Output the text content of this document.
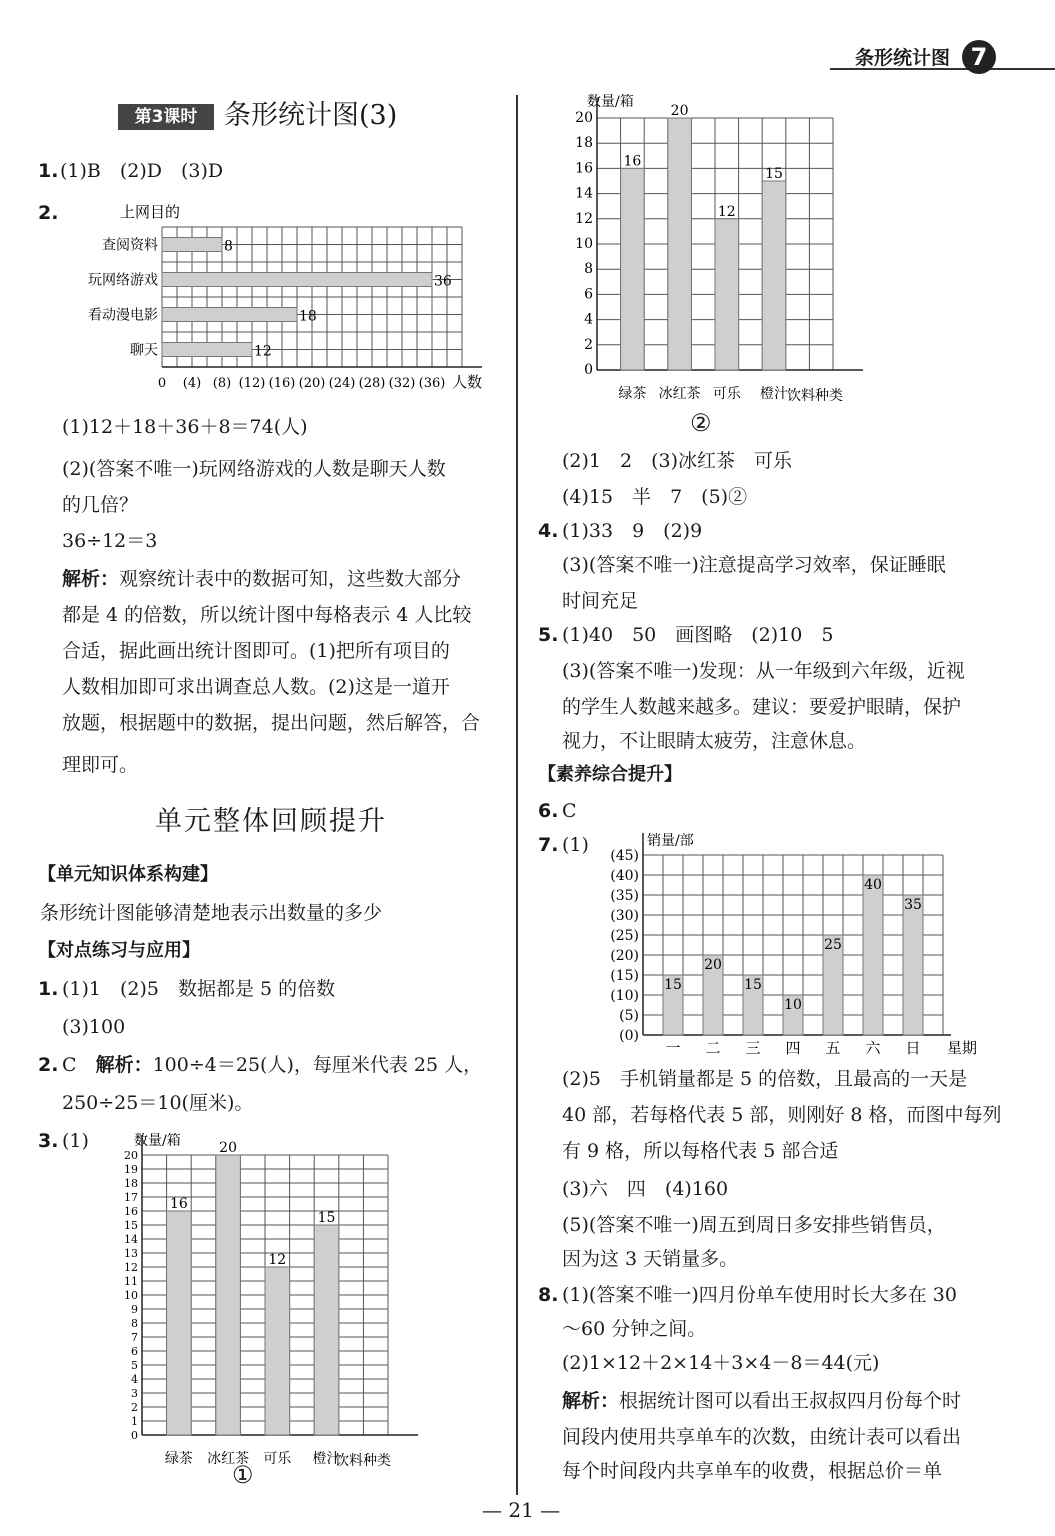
条形统计图 7
第3课时 条形统计图(3)
1. (1)B　(2)D　(3)D
2.	上网目的
8
36
18
12
查阅资料
玩网络游戏
看动漫电影
聊天
0 (4) (8) (12) (16) (20) (24) (28) (32) (36) 人数
(1)12＋18＋36＋8＝74(人)
(2)(答案不唯一)玩网络游戏的人数是聊天人数
的几倍？
36÷12＝3
解析：观察统计表中的数据可知，这些数大部分
都是 4 的倍数，所以统计图中每格表示 4 人比较
合适，据此画出统计图即可。(1)把所有项目的
人数相加即可求出调查总人数。(2)这是一道开
放题，根据题中的数据，提出问题，然后解答，合
理即可。
单元整体回顾提升
【单元知识体系构建】
条形统计图能够清楚地表示出数量的多少
【对点练习与应用】
1. (1)1　(2)5　数据都是 5 的倍数
(3)100
2. C　 解析：100÷4＝25(人)，每厘米代表 25 人，
250÷25＝10(厘米)。
3. (1)	数量/箱
16
20
12
15
0
1
2
3
4
5
6
7
8
9
10
11
12
13
14
15
16
17
18
19
20
绿茶 冰红茶 可乐 橙汁
饮料种类
①
数量/箱
16
20
12
15
0
2
4
6
8
10
12
14
16
18
20
绿茶 冰红茶 可乐 橙汁 饮料种类
②
(2)1　2　(3)冰红茶　可乐
(4)15　半　7　(5)②
4. (1)33　9　(2)9
(3)(答案不唯一)注意提高学习效率，保证睡眠
时间充足
5. (1)40　50　画图略　(2)10　5
(3)(答案不唯一)发现：从一年级到六年级，近视
的学生人数越来越多。建议：要爱护眼睛，保护
视力，不让眼睛太疲劳，注意休息。
【素养综合提升】
6. C
7. (1)	销量/部
15
20
15
10
25
40
35
(0)
(5)
(10)
(15)
(20)
(25)
(30)
(35)
(40)
(45)
一 二 三 四 五 六 日 星期
(2)5　手机销量都是 5 的倍数，且最高的一天是
40 部，若每格代表 5 部，则刚好 8 格，而图中每列
有 9 格，所以每格代表 5 部合适
(3)六　四　(4)160
(5)(答案不唯一)周五到周日多安排些销售员，
因为这 3 天销量多。
8. (1)(答案不唯一)四月份单车使用时长大多在 30
～60 分钟之间。
(2)1×12＋2×14＋3×4－8＝44(元)
解析：根据统计图可以看出王叔叔四月份每个时
间段内使用共享单车的次数，由统计表可以看出
每个时间段内共享单车的收费，根据总价＝单
— 21 —
